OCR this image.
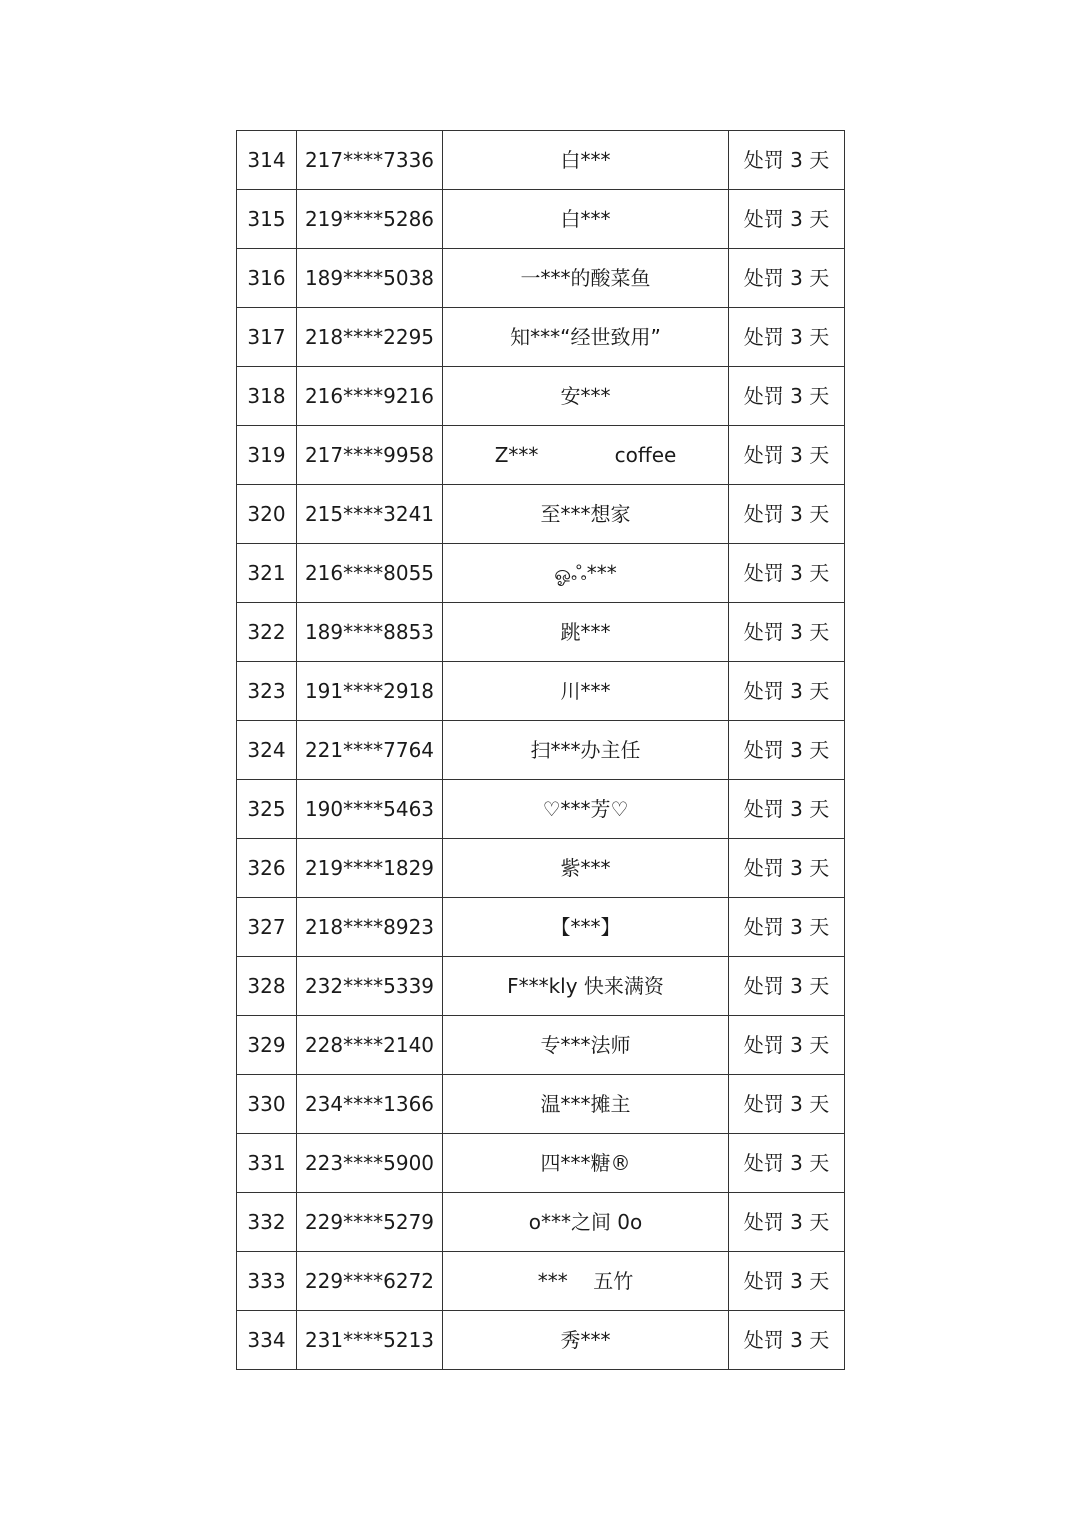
314	217****7336	白***	处罚 3 天
315	219****5286	白***	处罚 3 天
316	189****5038	一***的酸菜鱼	处罚 3 天
317	218****2295	知***“经世致用”	处罚 3 天
318	216****9216	安***	处罚 3 天
319	217****9958	Z***            coffee	处罚 3 天
320	215****3241	至***想家	处罚 3 天
321	216****8055	ஓஃ***	处罚 3 天
322	189****8853	跳***	处罚 3 天
323	191****2918	川***	处罚 3 天
324	221****7764	扫***办主任	处罚 3 天
325	190****5463	♡***芳♡	处罚 3 天
326	219****1829	紫***	处罚 3 天
327	218****8923	【***】	处罚 3 天
328	232****5339	F***kly 快来满资	处罚 3 天
329	228****2140	专***法师	处罚 3 天
330	234****1366	温***摊主	处罚 3 天
331	223****5900	四***糖®	处罚 3 天
332	229****5279	o***之间 0o	处罚 3 天
333	229****6272	***    五竹	处罚 3 天
334	231****5213	秀***	处罚 3 天
